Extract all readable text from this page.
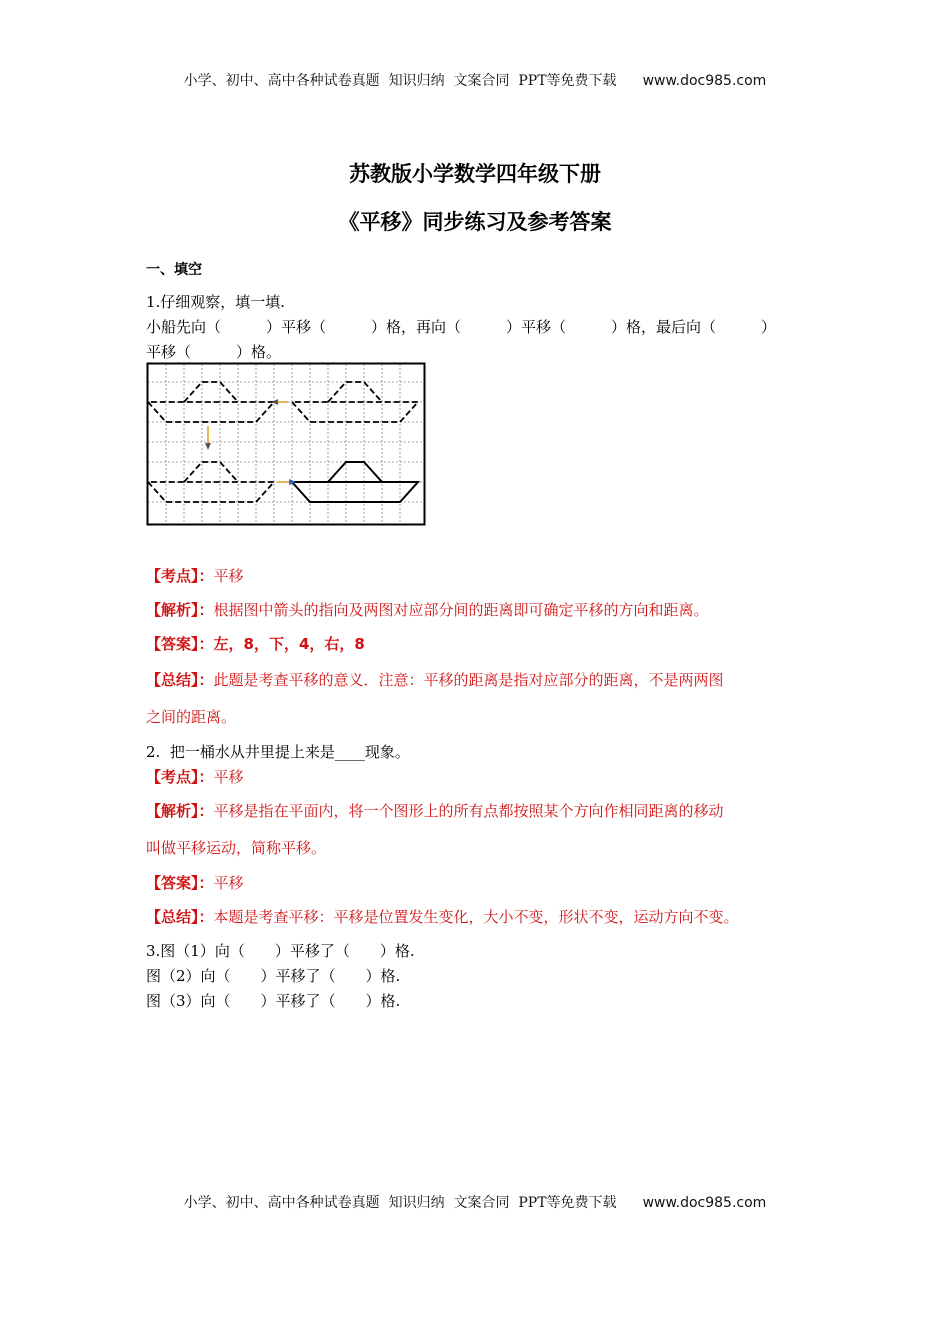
小学、初中、高中各种试卷真题  知识归纳  文案合同  PPT等免费下载 www.doc985.com
苏教版小学数学四年级下册
《平移》同步练习及参考答案
一、填空
1.仔细观察，填一填.
小船先向（　　　）平移（　　　）格，再向（　　　）平移（　　　）格，最后向（　　　）
平移（　　　）格。
【考点】：平移
【解析】：根据图中箭头的指向及两图对应部分间的距离即可确定平移的方向和距离。
【答案】：左，8，下，4，右，8
【总结】：此题是考查平移的意义．注意：平移的距离是指对应部分的距离，不是两两图
之间的距离。
2.  把一桶水从井里提上来是____现象。
【考点】：平移
【解析】：平移是指在平面内，将一个图形上的所有点都按照某个方向作相同距离的移动
叫做平移运动，简称平移。
【答案】：平移
【总结】：本题是考查平移：平移是位置发生变化，大小不变，形状不变，运动方向不变。
3.图（1）向（　　）平移了（　　）格.
图（2）向（　　）平移了（　　）格.
图（3）向（　　）平移了（　　）格.
小学、初中、高中各种试卷真题  知识归纳  文案合同  PPT等免费下载 www.doc985.com
